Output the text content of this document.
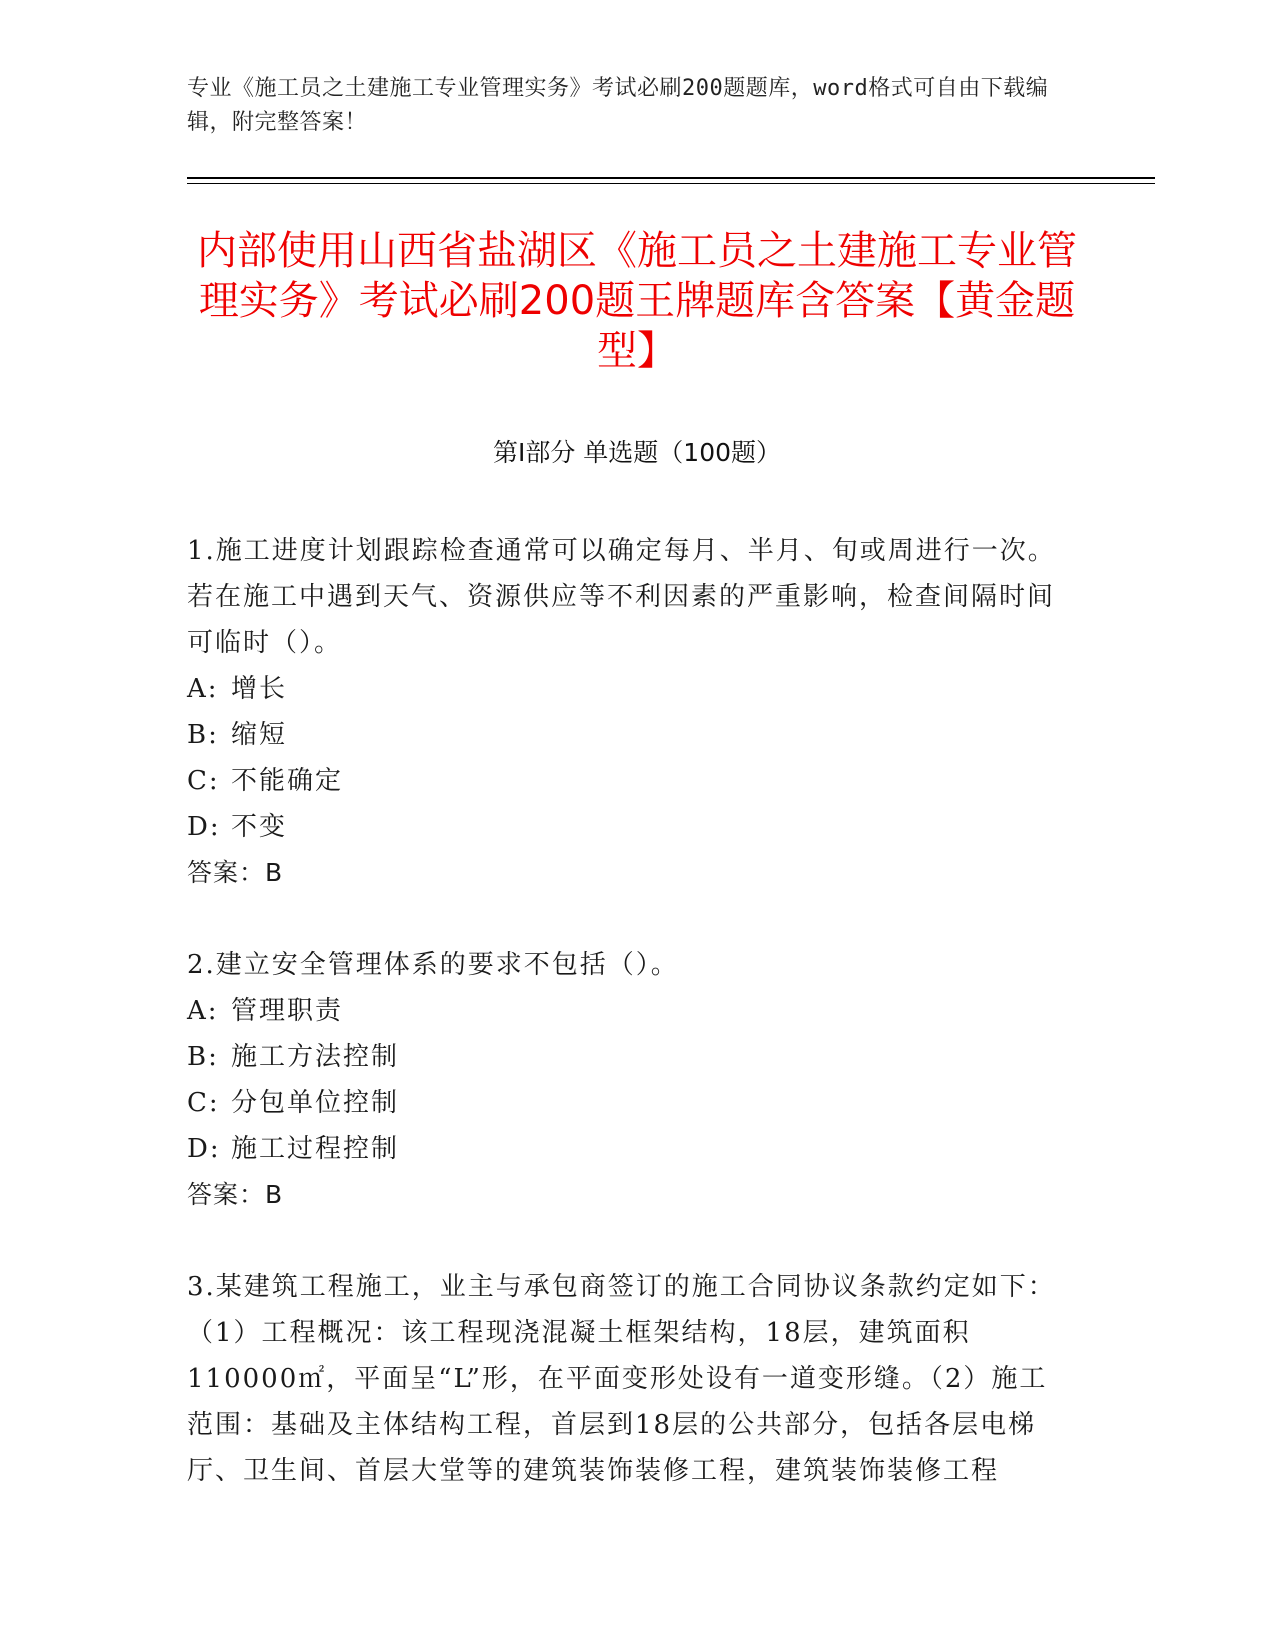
专业《施工员之土建施工专业管理实务》考试必刷200题题库，word格式可自由下载编辑，附完整答案！
内部使用山西省盐湖区《施工员之土建施工专业管理实务》考试必刷200题王牌题库含答案【黄金题型】
第Ⅰ部分 单选题（100题）
1.施工进度计划跟踪检查通常可以确定每月、半月、旬或周进行一次。若在施工中遇到天气、资源供应等不利因素的严重影响，检查间隔时间可临时（）。
A: 增长
B: 缩短
C: 不能确定
D: 不变
答案：B
2.建立安全管理体系的要求不包括（）。
A: 管理职责
B: 施工方法控制
C: 分包单位控制
D: 施工过程控制
答案：B
3.某建筑工程施工，业主与承包商签订的施工合同协议条款约定如下：（1）工程概况：该工程现浇混凝土框架结构，18层，建筑面积110000㎡，平面呈“L”形，在平面变形处设有一道变形缝。（2）施工范围：基础及主体结构工程，首层到18层的公共部分，包括各层电梯厅、卫生间、首层大堂等的建筑装饰装修工程，建筑装饰装修工程
